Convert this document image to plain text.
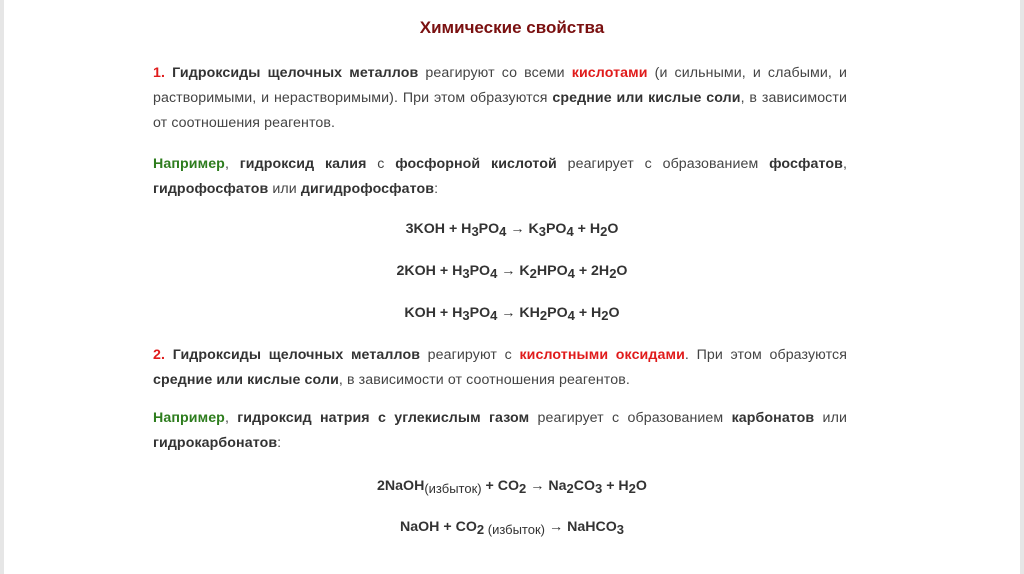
Химические свойства
1. Гидроксиды щелочных металлов реагируют со всеми кислотами (и сильными, и слабыми, и растворимыми, и нерастворимыми). При этом образуются средние или кислые соли, в зависимости от соотношения реагентов.
Например, гидроксид калия с фосфорной кислотой реагирует с образованием фосфатов, гидрофосфатов или дигидрофосфатов:
$3KOH + H_3PO_4 \to K_3PO_4 + H_2O$
$2KOH + H_3PO_4 \to K_2HPO_4 + 2H_2O$
KOH + $H_3PO_4 \to KH_2PO_4 + H_2O$
2. Гидроксиды щелочных металлов реагируют с кислотными оксидами. При этом образуются средние или кислые соли, в зависимости от соотношения реагентов.
Например, гидроксид натрия с углекислым газом реагирует с образованием карбонатов или гидрокарбонатов:
2NaOH$_{(избыток)}$ + $CO_2 \to Na_2CO_3 + H_2O$
NaOH + $CO_2$ $_{(избыток)}$ → NaHCO$_3$
